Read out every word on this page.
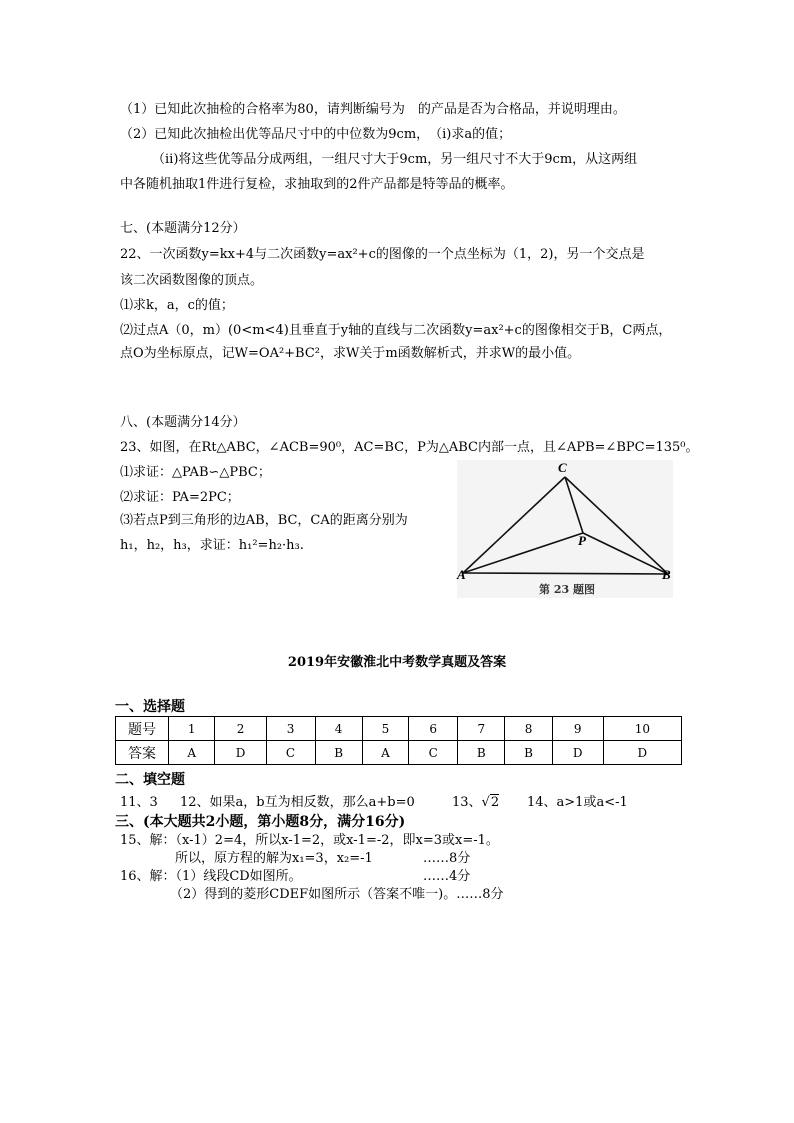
（1）已知此次抽检的合格率为80，请判断编号为　的产品是否为合格品，并说明理由。
（2）已知此次抽检出优等品尺寸中的中位数为9cm，　（ⅰ)求a的值；
（ⅱ)将这些优等品分成两组，一组尺寸大于9cm，另一组尺寸不大于9cm，从这两组
中各随机抽取1件进行复检，求抽取到的2件产品都是特等品的概率。
七、(本题满分12分）
22、一次函数y=kx+4与二次函数y=ax²+c的图像的一个点坐标为（1，2)，另一个交点是
该二次函数图像的顶点。
⑴求k，a，c的值；
⑵过点A（0，m）(0<m<4)且垂直于y轴的直线与二次函数y=ax²+c的图像相交于B，C两点，
点O为坐标原点，记W=OA²+BC²，求W关于m函数解析式，并求W的最小值。
八、(本题满分14分）
23、如图，在Rt△ABC，∠ACB=90⁰，AC=BC，P为△ABC内部一点，且∠APB=∠BPC=135⁰。
⑴求证：△PAB∽△PBC；
⑵求证：PA=2PC；
⑶若点P到三角形的边AB，BC，CA的距离分别为
h₁，h₂，h₃，求证：h₁²=h₂·h₃.
A	B
C
P
第 23 题图
2019年安徽淮北中考数学真题及答案
一、选择题
题号	1	2	3	4	5	6	7	8	9	10
答案	A	D	C	B	A	C	B	B	D	D
二、填空题
11、3 12、如果a，b互为相反数，那么a+b=0	13、√2 14、a>1或a<-1
三、(本大题共2小题，第小题8分，满分16分)
15、解：（x-1）2=4，所以x-1=2，或x-1=-2，即x=3或x=-1。
所以，原方程的解为x₁=3，x₂=-1	……8分
16、解：（1）线段CD如图所。	……4分
（2）得到的菱形CDEF如图所示（答案不唯一)。……8分
